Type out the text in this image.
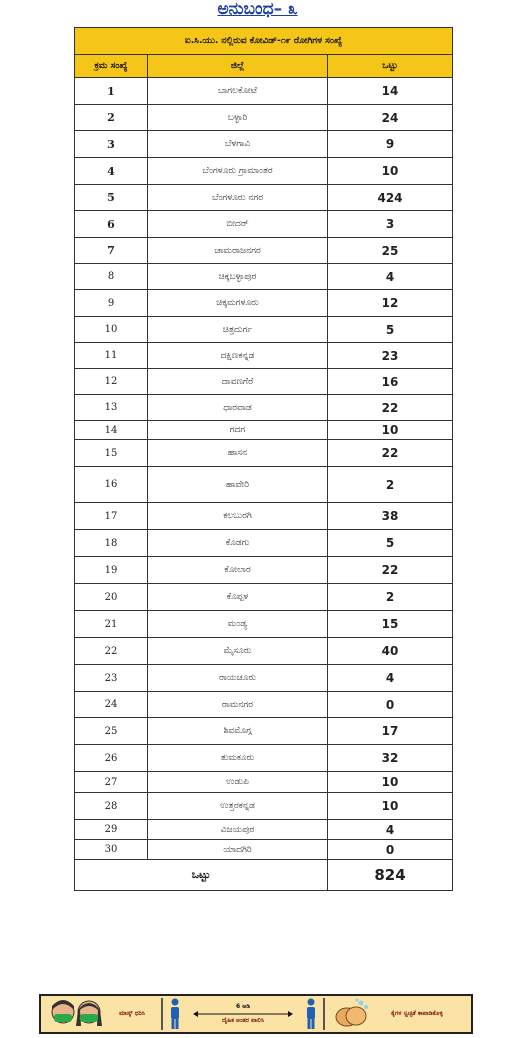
ಅನುಬಂಧ– ೩
ಐ.ಸಿ.ಯು. ನಲ್ಲಿರುವ ಕೋವಿಡ್-೧೯ ರೋಗಿಗಳ ಸಂಖ್ಯೆ		
ಕ್ರಮ ಸಂಖ್ಯೆ	ಜಿಲ್ಲೆ	ಒಟ್ಟು
1	ಬಾಗಲಕೋಟೆ	14
2	ಬಳ್ಳಾರಿ	24
3	ಬೆಳಗಾವಿ	9
4	ಬೆಂಗಳೂರು ಗ್ರಾಮಾಂತರ	10
5	ಬೆಂಗಳೂರು ನಗರ	424
6	ಬೀದರ್	3
7	ಚಾಮರಾಜನಗರ	25
8	ಚಿಕ್ಕಬಳ್ಳಾಪುರ	4
9	ಚಿಕ್ಕಮಗಳೂರು	12
10	ಚಿತ್ರದುರ್ಗ	5
11	ದಕ್ಷಿಣಕನ್ನಡ	23
12	ದಾವಣಗೆರೆ	16
13	ಧಾರವಾಡ	22
14	ಗದಗ	10
15	ಹಾಸನ	22
16	ಹಾವೇರಿ	2
17	ಕಲಬುರಗಿ	38
18	ಕೊಡಗು	5
19	ಕೋಲಾರ	22
20	ಕೊಪ್ಪಳ	2
21	ಮಂಡ್ಯ	15
22	ಮೈಸೂರು	40
23	ರಾಯಚೂರು	4
24	ರಾಮನಗರ	0
25	ಶಿವಮೊಗ್ಗ	17
26	ತುಮಕೂರು	32
27	ಉಡುಪಿ	10
28	ಉತ್ತರಕನ್ನಡ	10
29	ವಿಜಯಪುರ	4
30	ಯಾದಗಿರಿ	0
ಒಟ್ಟು		824
ಮಾಸ್ಕ್ ಧರಿಸಿ
6 ಅಡಿ
ದೈಹಿಕ ಅಂತರ ಪಾಲಿಸಿ
ಕೈಗಳ ಸ್ವಚ್ಛತೆ ಕಾಪಾಡಿಕೊಳ್ಳಿ
